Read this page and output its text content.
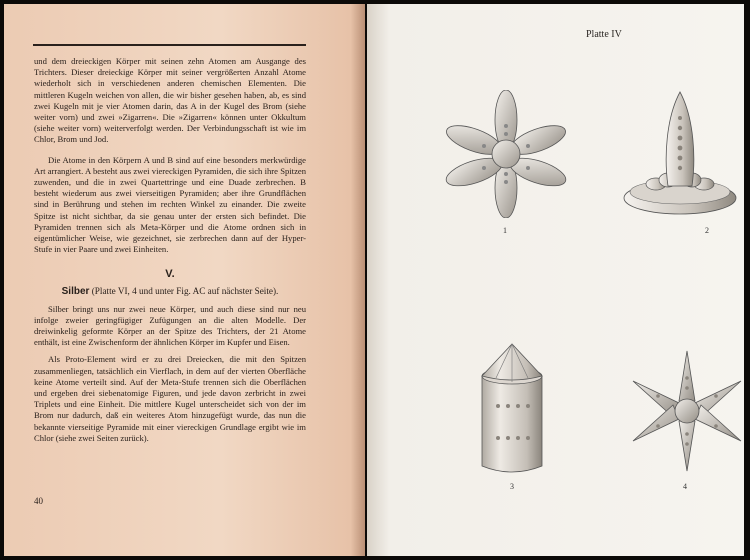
und dem dreieckigen Körper mit seinen zehn Atomen am Ausgange des Trichters. Dieser dreieckige Körper mit seiner vergrößerten Anzahl Atome wiederholt sich in verschiedenen anderen chemischen Elementen. Die mittleren Kugeln weichen von allen, die wir bisher gesehen haben, ab, es sind zwei Kugeln mit je vier Atomen darin, das A in der Kugel des Brom (siehe weiter vorn) und zwei »Zigarren«. Die »Zigarren« können unter Okkultum (siehe weiter vorn) weiterverfolgt werden. Der Verbindungsschaft ist wie im Chlor, Brom und Jod.

Die Atome in den Körpern A und B sind auf eine besonders merkwürdige Art arrangiert. A besteht aus zwei viereckigen Pyramiden, die sich ihre Spitzen zuwenden, und die in zwei Quartettringe und eine Duade zerbrechen. B besteht wiederum aus zwei vierseitigen Pyramiden; aber ihre Grundflächen sind in Berührung und stehen im rechten Winkel zu einander. Die zweite Spitze ist nicht sichtbar, da sie genau unter der ersten sich befindet. Die Pyramiden trennen sich als Meta-Körper und die Atome ordnen sich in eigentümlicher Weise, wie gezeichnet, sie zerbrechen dann auf der Hyper-Stufe in vier Paare und zwei Einheiten.

V.
Silber (Platte VI, 4 und unter Fig. AC auf nächster Seite).

Silber bringt uns nur zwei neue Körper, und auch diese sind nur neu infolge zweier geringfügiger Zufügungen an die alten Modelle. Der dreiwinkelig geformte Körper an der Spitze des Trichters, der 21 Atome enthält, ist eine Zwischenform der ähnlichen Körper im Kupfer und Eisen.

Als Proto-Element wird er zu drei Dreiecken, die mit den Spitzen zusammenliegen, tatsächlich ein Vierflach, in dem auf der vierten Oberfläche keine Atome verteilt sind. Auf der Meta-Stufe trennen sich die Oberflächen und ergeben drei siebenatomige Figuren, und jede davon zerbricht in zwei Triplets und eine Einheit. Die mittlere Kugel unterscheidet sich von der im Brom nur dadurch, daß ein weiteres Atom hinzugefügt wurde, das nun die bekannte vierseitige Pyramide mit einer viereckigen Grundlage ergibt wie im Chlor (siehe zwei Seiten zurück).

40
Platte IV
1	2
3	4
